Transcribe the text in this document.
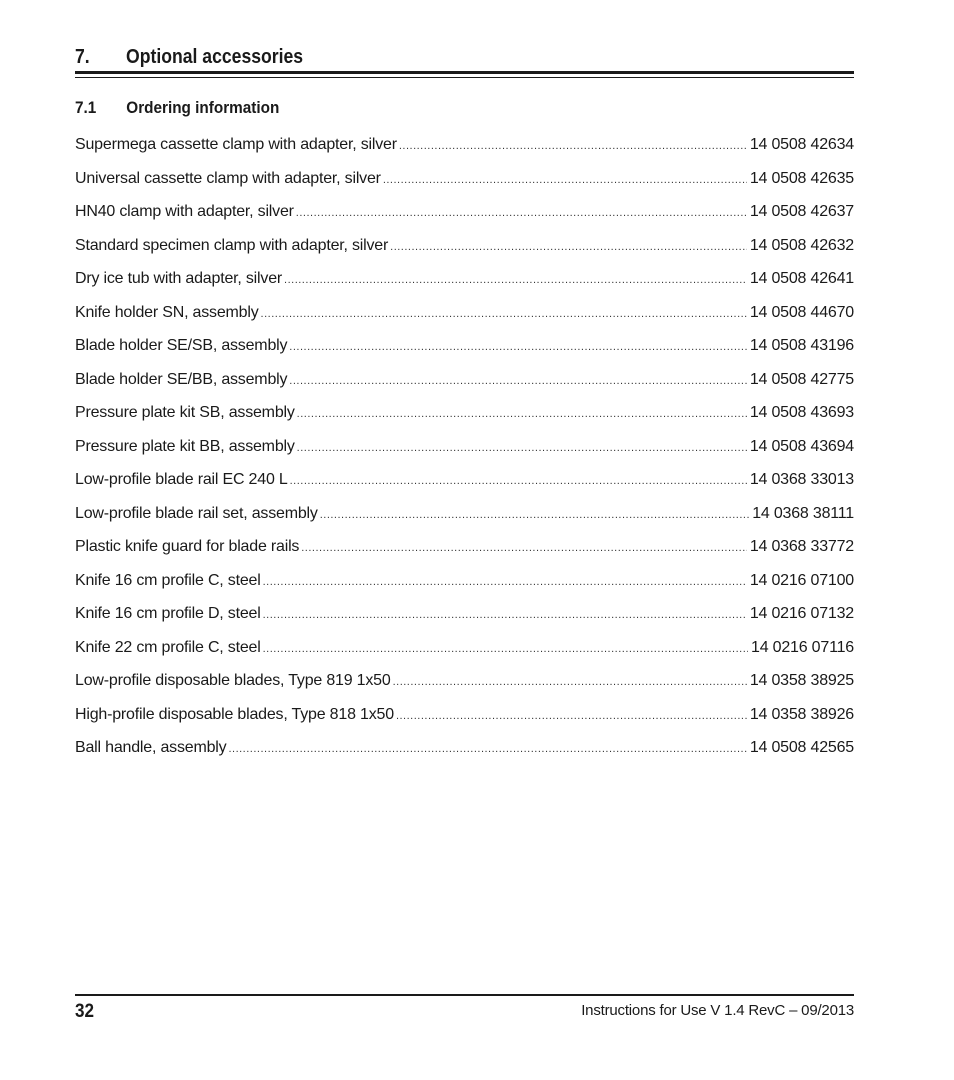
7. Optional accessories
7.1 Ordering information
Supermega cassette clamp with adapter, silver .....	14 0508 42634
Universal cassette clamp with adapter, silver .....	14 0508 42635
HN40 clamp with adapter, silver .....	14 0508 42637
Standard specimen clamp with adapter, silver .....	14 0508 42632
Dry ice tub with adapter, silver .....	14 0508 42641
Knife holder SN, assembly .....	14 0508 44670
Blade holder SE/SB, assembly .....	14 0508 43196
Blade holder SE/BB, assembly .....	14 0508 42775
Pressure plate kit SB, assembly .....	14 0508 43693
Pressure plate kit BB, assembly .....	14 0508 43694
Low-profile blade rail EC 240 L .....	14 0368 33013
Low-profile blade rail set, assembly .....	14 0368 38111
Plastic knife guard for blade rails .....	14 0368 33772
Knife 16 cm profile C, steel .....	14 0216 07100
Knife 16 cm profile D, steel .....	14 0216 07132
Knife 22 cm profile C, steel .....	14 0216 07116
Low-profile disposable blades, Type 819 1x50 .....	14 0358 38925
High-profile disposable blades, Type 818 1x50 .....	14 0358 38926
Ball handle, assembly .....	14 0508 42565
32	Instructions for Use V 1.4 RevC – 09/2013
